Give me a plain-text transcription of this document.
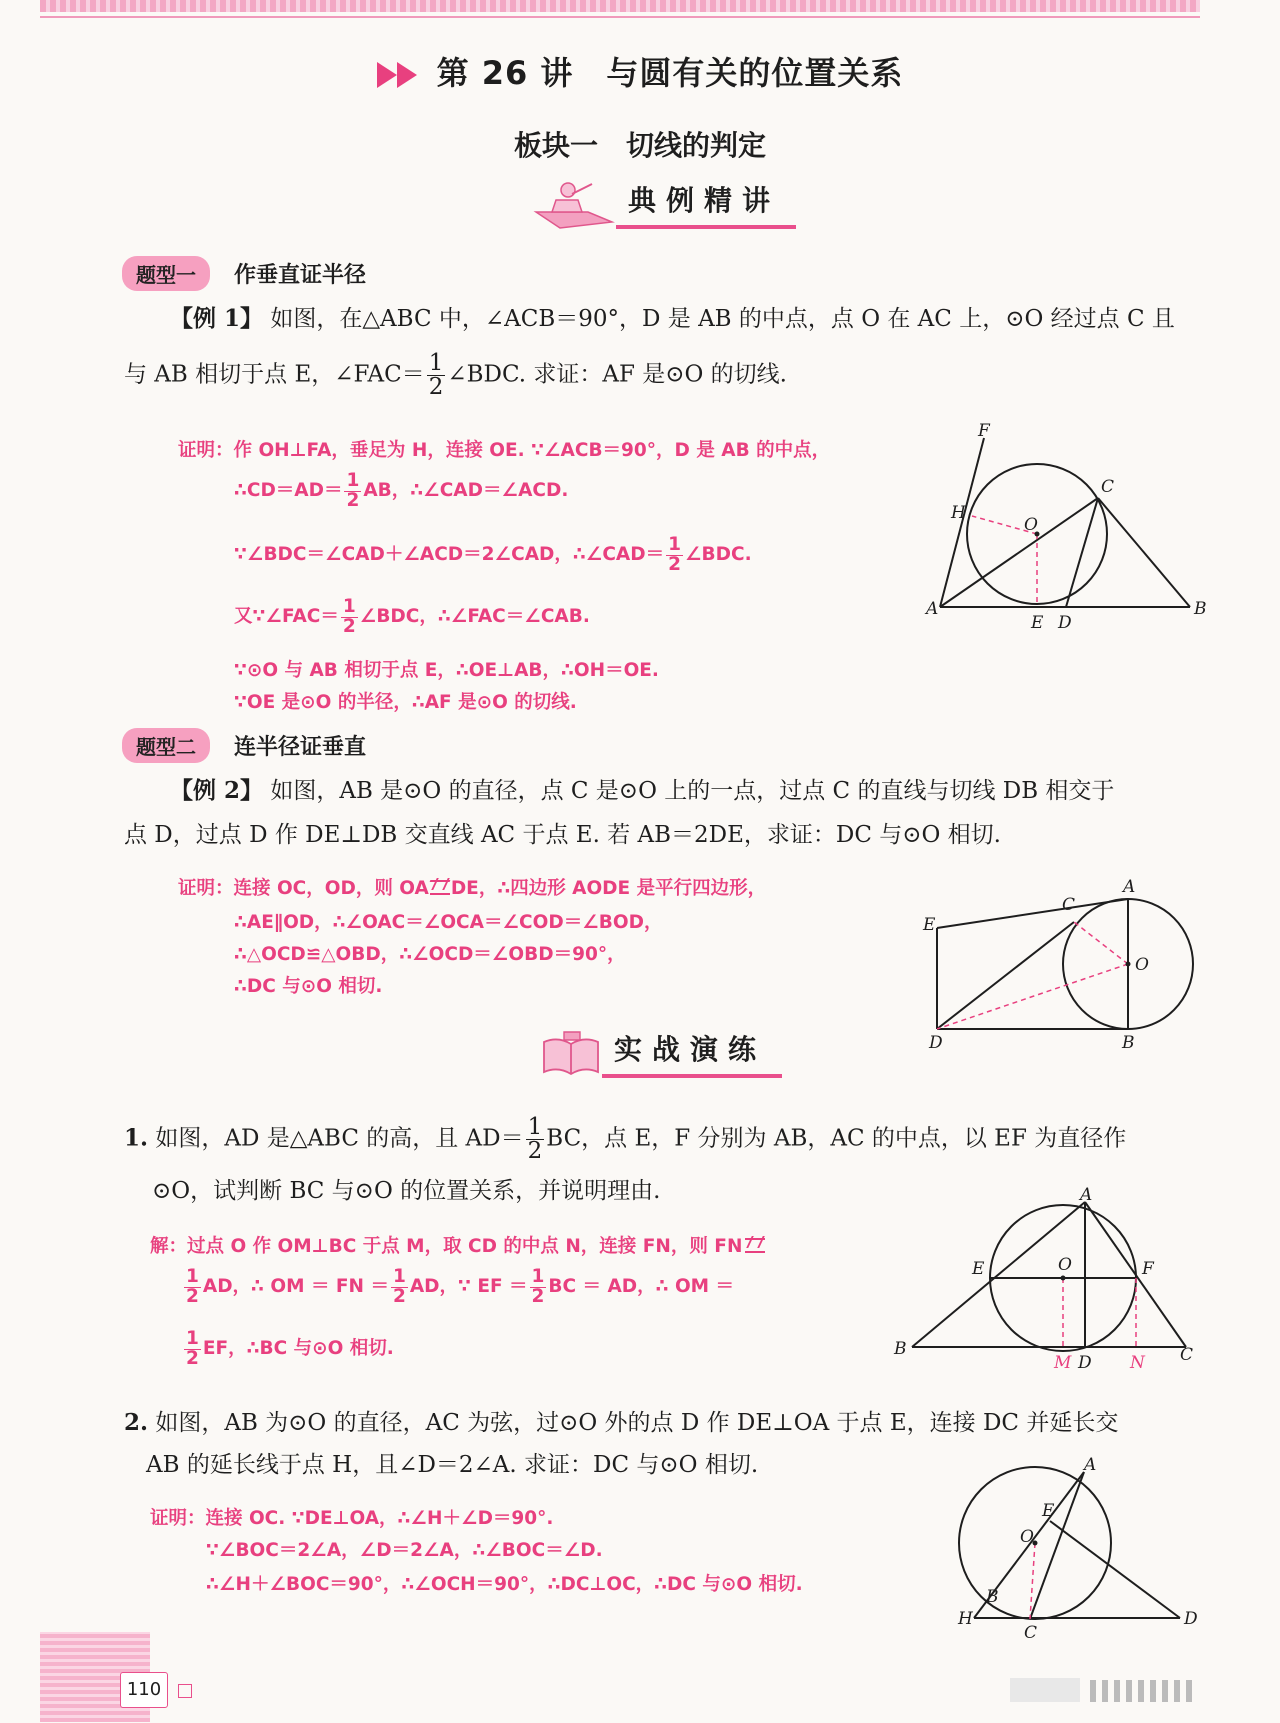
第 26 讲　与圆有关的位置关系
板块一　切线的判定
典例精讲
题型一	作垂直证半径
【例 1】 如图，在△ABC 中，∠ACB＝90°，D 是 AB 的中点，点 O 在 AC 上，⊙O 经过点 C 且
与 AB 相切于点 E，∠FAC＝ $\frac{1}{2}$ ∠BDC. 求证：AF 是⊙O 的切线.
证明：作 OH⊥FA，垂足为 H，连接 OE. ∵∠ACB＝90°，D 是 AB 的中点，
∴CD＝AD＝ $\frac{1}{2}$ AB，∴∠CAD＝∠ACD.
∵∠BDC＝∠CAD＋∠ACD＝2∠CAD，∴∠CAD＝ $\frac{1}{2}$ ∠BDC.
又∵∠FAC＝ $\frac{1}{2}$ ∠BDC，∴∠FAC＝∠CAB.
∵⊙O 与 AB 相切于点 E，∴OE⊥AB，∴OH＝OE.
∵OE 是⊙O 的半径，∴AF 是⊙O 的切线.
F
C
H
O
A
E D
B
题型二	连半径证垂直
【例 2】 如图，AB 是⊙O 的直径，点 C 是⊙O 上的一点，过点 C 的直线与切线 DB 相交于
点 D，过点 D 作 DE⊥DB 交直线 AC 于点 E. 若 AB＝2DE，求证：DC 与⊙O 相切.
证明：连接 OC，OD，则 OA DE，∴四边形 AODE 是平行四边形，
∴AE∥OD，∴∠OAC＝∠OCA＝∠COD＝∠BOD，
∴△OCD≌△OBD，∴∠OCD＝∠OBD＝90°，
∴DC 与⊙O 相切.
C
A
E
O
D	B
实战演练
1. 如图，AD 是△ABC 的高，且 $AD= \frac{1}{2}$ BC，点 E，F 分别为 AB，AC 的中点，以 EF 为直径作
⊙O，试判断 BC 与⊙O 的位置关系，并说明理由.
解：过点 O 作 OM⊥BC 于点 M，取 CD 的中点 N，连接 FN，则 FN
$\frac{1}{2}$ AD，∴ OM ＝ FN ＝ $\frac{1}{2}$ AD，∵ EF ＝ $\frac{1}{2}$ BC ＝ AD，∴ OM ＝
$\frac{1}{2}$ EF，∴BC 与⊙O 相切.
A
E	O	F
B
M D N C
2. 如图，AB 为⊙O 的直径，AC 为弦，过⊙O 外的点 D 作 DE⊥OA 于点 E，连接 DC 并延长交
AB 的延长线于点 H，且∠D＝2∠A. 求证：DC 与⊙O 相切.
证明：连接 OC. ∵DE⊥OA，∴∠H＋∠D＝90°.
∵∠BOC＝2∠A，∠D＝2∠A，∴∠BOC＝∠D.
∴∠H＋∠BOC＝90°，∴∠OCH＝90°，∴DC⊥OC，∴DC 与⊙O 相切.
A
E
O
B
H
C
D
110
